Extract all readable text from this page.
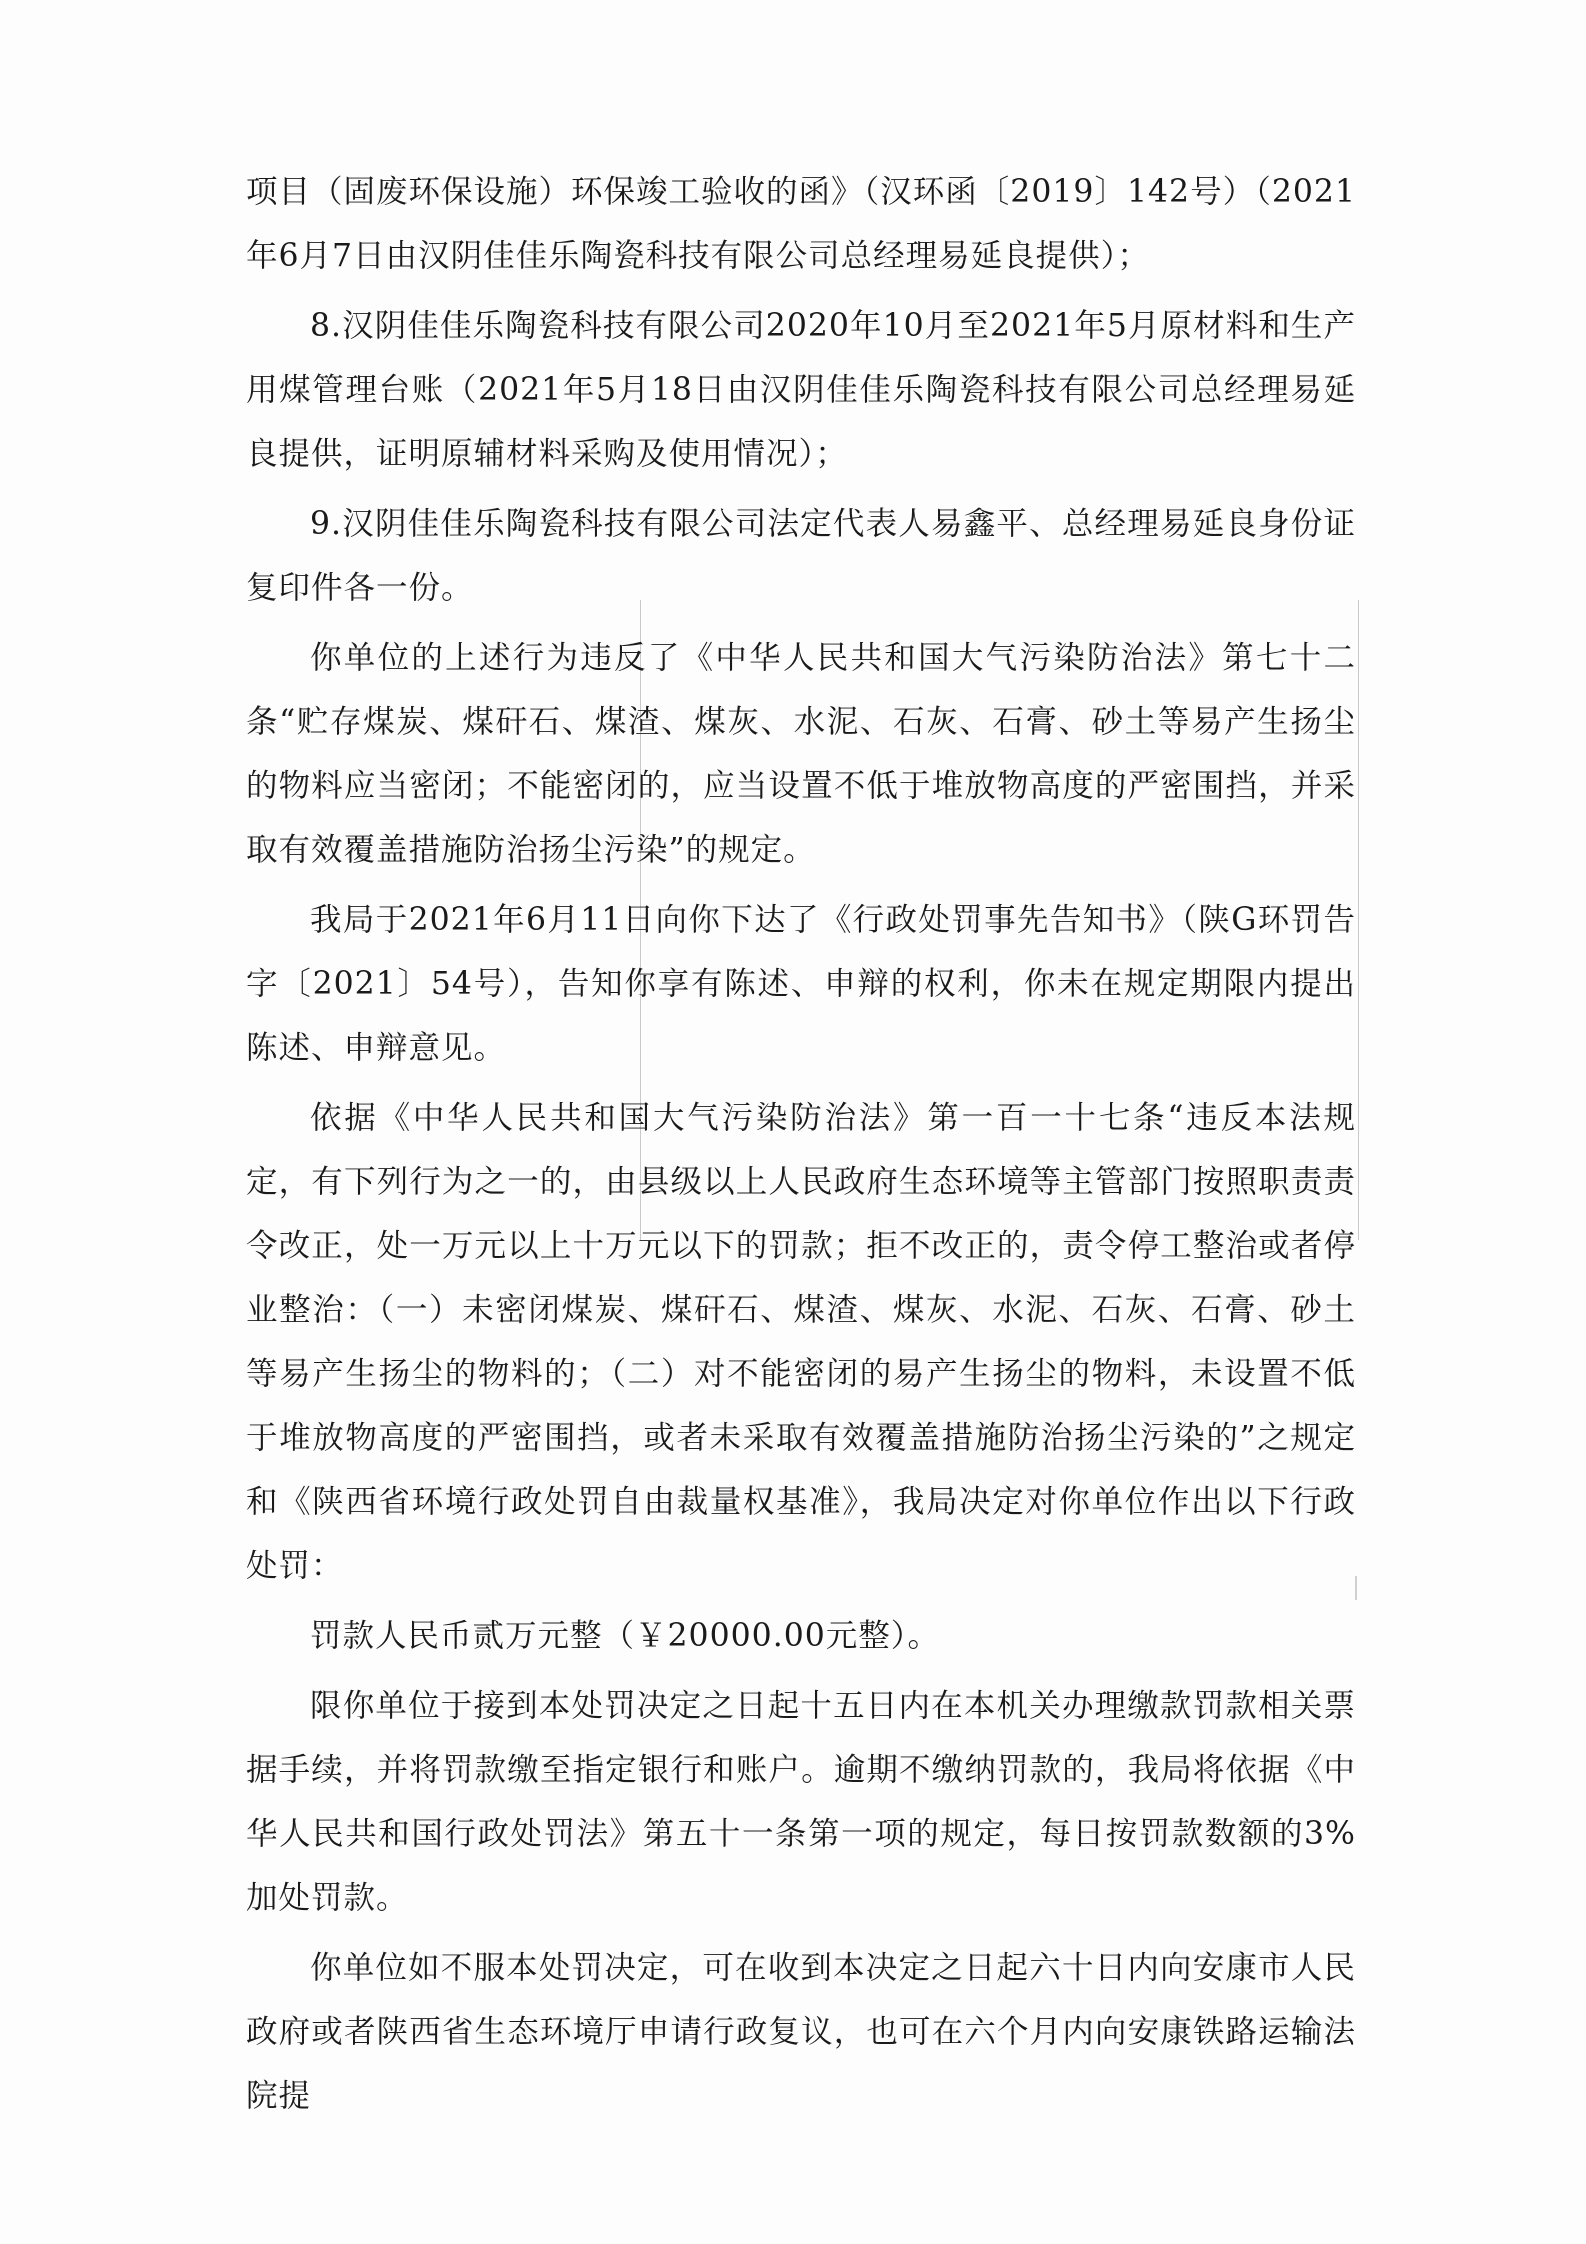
项目（固废环保设施）环保竣工验收的函》（汉环函〔2019〕142号）（2021年6月7日由汉阴佳佳乐陶瓷科技有限公司总经理易延良提供）；

8.汉阴佳佳乐陶瓷科技有限公司2020年10月至2021年5月原材料和生产用煤管理台账（2021年5月18日由汉阴佳佳乐陶瓷科技有限公司总经理易延良提供，证明原辅材料采购及使用情况）；

9.汉阴佳佳乐陶瓷科技有限公司法定代表人易鑫平、总经理易延良身份证复印件各一份。

你单位的上述行为违反了《中华人民共和国大气污染防治法》第七十二条“贮存煤炭、煤矸石、煤渣、煤灰、水泥、石灰、石膏、砂土等易产生扬尘的物料应当密闭；不能密闭的，应当设置不低于堆放物高度的严密围挡，并采取有效覆盖措施防治扬尘污染”的规定。

我局于2021年6月11日向你下达了《行政处罚事先告知书》（陕G环罚告字〔2021〕54号），告知你享有陈述、申辩的权利，你未在规定期限内提出陈述、申辩意见。

依据《中华人民共和国大气污染防治法》第一百一十七条“违反本法规定，有下列行为之一的，由县级以上人民政府生态环境等主管部门按照职责责令改正，处一万元以上十万元以下的罚款；拒不改正的，责令停工整治或者停业整治：（一）未密闭煤炭、煤矸石、煤渣、煤灰、水泥、石灰、石膏、砂土等易产生扬尘的物料的；（二）对不能密闭的易产生扬尘的物料，未设置不低于堆放物高度的严密围挡，或者未采取有效覆盖措施防治扬尘污染的”之规定和《陕西省环境行政处罚自由裁量权基准》，我局决定对你单位作出以下行政处罚：

罚款人民币贰万元整（￥20000.00元整）。

限你单位于接到本处罚决定之日起十五日内在本机关办理缴款罚款相关票据手续，并将罚款缴至指定银行和账户。逾期不缴纳罚款的，我局将依据《中华人民共和国行政处罚法》第五十一条第一项的规定，每日按罚款数额的3%加处罚款。

你单位如不服本处罚决定，可在收到本决定之日起六十日内向安康市人民政府或者陕西省生态环境厅申请行政复议，也可在六个月内向安康铁路运输法院提
